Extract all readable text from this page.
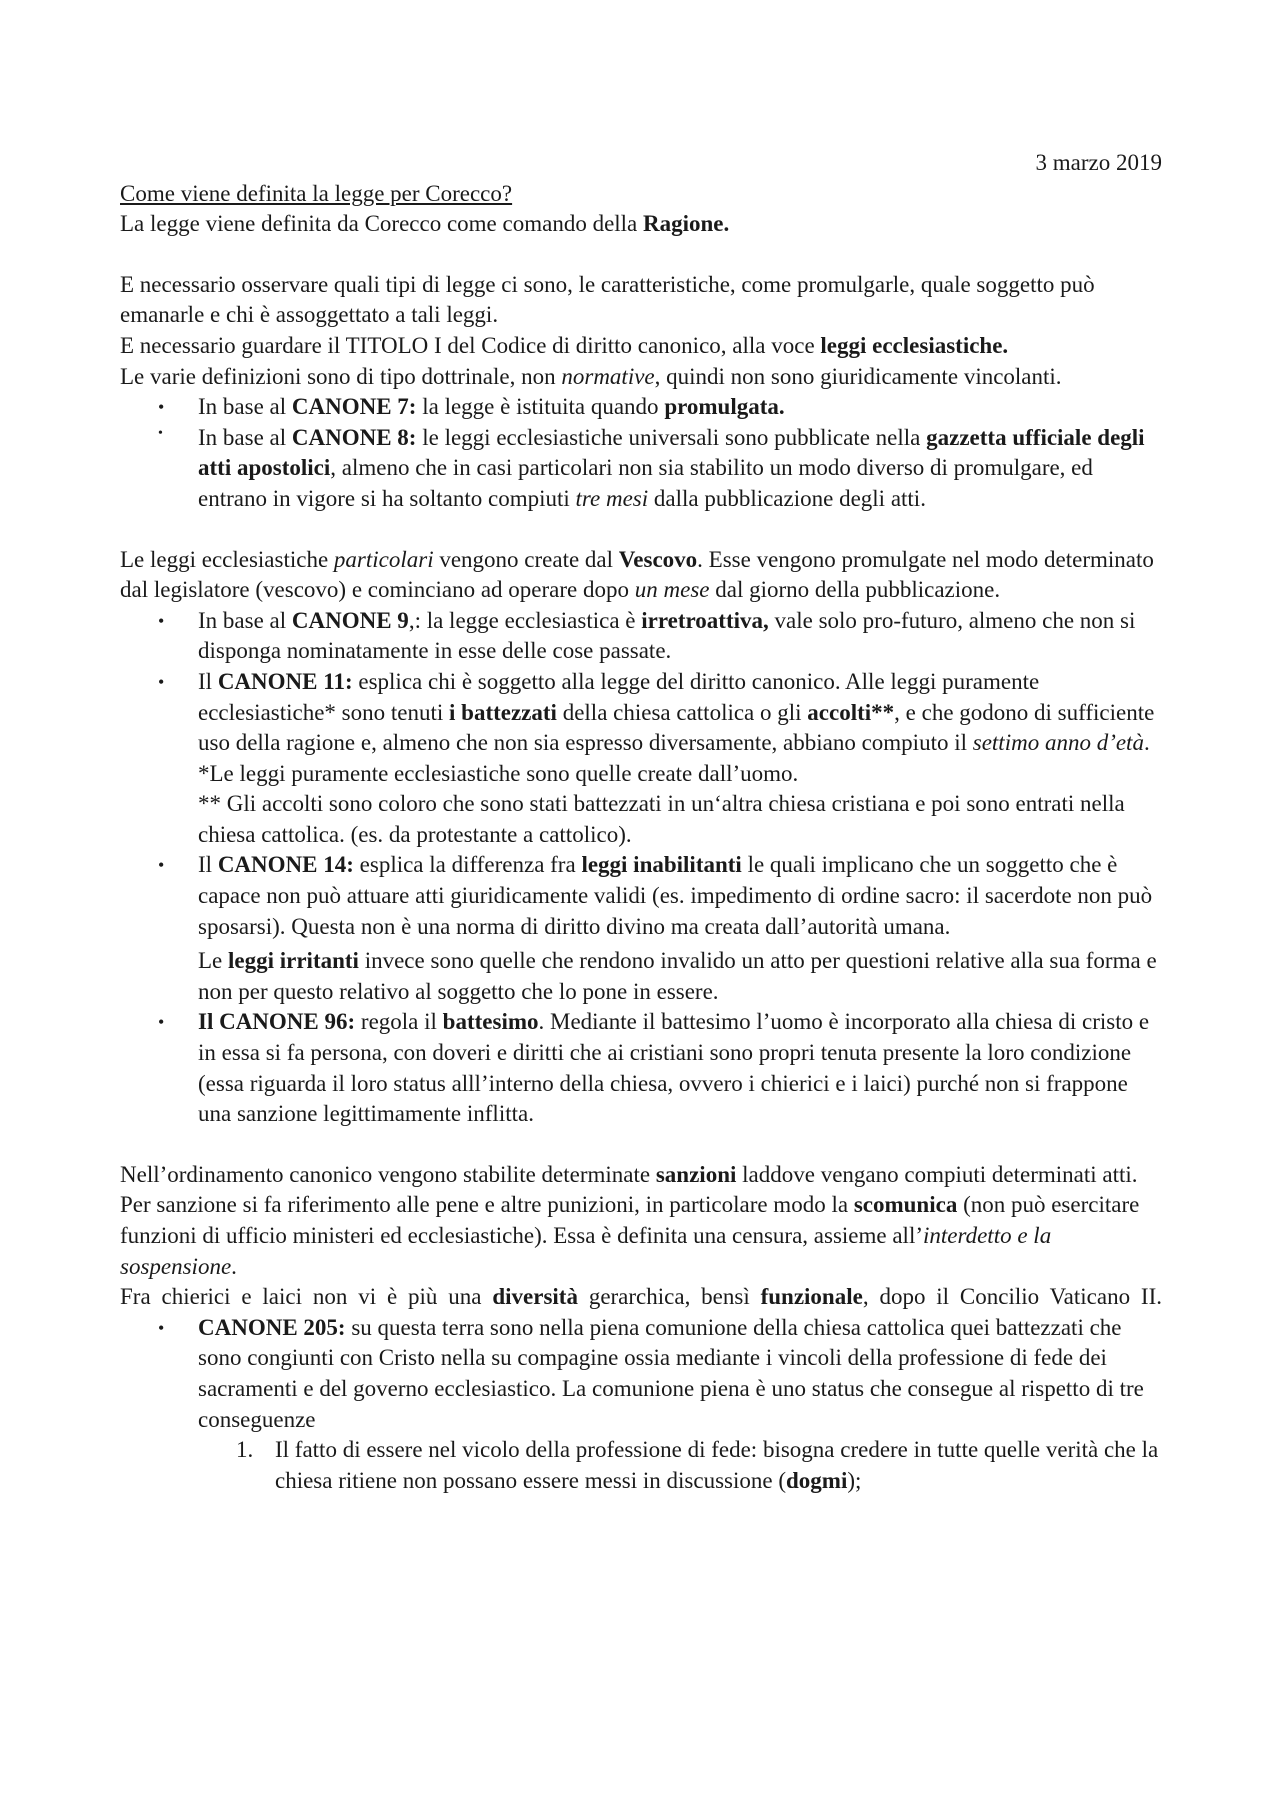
3 marzo 2019

Come viene definita la legge per Corecco?

La legge viene definita da Corecco come comando della Ragione.

E necessario osservare quali tipi di legge ci sono, le caratteristiche, come promulgarle, quale soggetto può emanarle e chi è assoggettato a tali leggi.

E necessario guardare il TITOLO I del Codice di diritto canonico, alla voce leggi ecclesiastiche.

Le varie definizioni sono di tipo dottrinale, non normative, quindi non sono giuridicamente vincolanti.

• In base al CANONE 7: la legge è istituita quando promulgata.
• In base al CANONE 8: le leggi ecclesiastiche universali sono pubblicate nella gazzetta ufficiale degli atti apostolici, almeno che in casi particolari non sia stabilito un modo diverso di promulgare, ed entrano in vigore si ha soltanto compiuti tre mesi dalla pubblicazione degli atti.

Le leggi ecclesiastiche particolari vengono create dal Vescovo. Esse vengono promulgate nel modo determinato dal legislatore (vescovo) e cominciano ad operare dopo un mese dal giorno della pubblicazione.

• In base al CANONE 9,: la legge ecclesiastica è irretroattiva, vale solo pro-futuro, almeno che non si disponga nominatamente in esse delle cose passate.
• Il CANONE 11: esplica chi è soggetto alla legge del diritto canonico. Alle leggi puramente ecclesiastiche* sono tenuti i battezzati della chiesa cattolica o gli accolti**, e che godono di sufficiente uso della ragione e, almeno che non sia espresso diversamente, abbiano compiuto il settimo anno d’età.
*Le leggi puramente ecclesiastiche sono quelle create dall’uomo.
** Gli accolti sono coloro che sono stati battezzati in un‘altra chiesa cristiana e poi sono entrati nella chiesa cattolica. (es. da protestante a cattolico).
• Il CANONE 14: esplica la differenza fra leggi inabilitanti le quali implicano che un soggetto che è capace non può attuare atti giuridicamente validi (es. impedimento di ordine sacro: il sacerdote non può sposarsi). Questa non è una norma di diritto divino ma creata dall’autorità umana.
Le leggi irritanti invece sono quelle che rendono invalido un atto per questioni relative alla sua forma e non per questo relativo al soggetto che lo pone in essere.
• Il CANONE 96: regola il battesimo. Mediante il battesimo l’uomo è incorporato alla chiesa di cristo e in essa si fa persona, con doveri e diritti che ai cristiani sono propri tenuta presente la loro condizione (essa riguarda il loro status alll’interno della chiesa, ovvero i chierici e i laici) purché non si frappone una sanzione legittimamente inflitta.

Nell’ordinamento canonico vengono stabilite determinate sanzioni laddove vengano compiuti determinati atti. Per sanzione si fa riferimento alle pene e altre punizioni, in particolare modo la scomunica (non può esercitare funzioni di ufficio ministeri ed ecclesiastiche). Essa è definita una censura, assieme all’interdetto e la sospensione.

Fra chierici e laici non vi è più una diversità gerarchica, bensì funzionale, dopo il Concilio Vaticano II.

• CANONE 205: su questa terra sono nella piena comunione della chiesa cattolica quei battezzati che sono congiunti con Cristo nella su compagine ossia mediante i vincoli della professione di fede dei sacramenti e del governo ecclesiastico. La comunione piena è uno status che consegue al rispetto di tre conseguenze
1. Il fatto di essere nel vicolo della professione di fede: bisogna credere in tutte quelle verità che la chiesa ritiene non possano essere messi in discussione (dogmi);
